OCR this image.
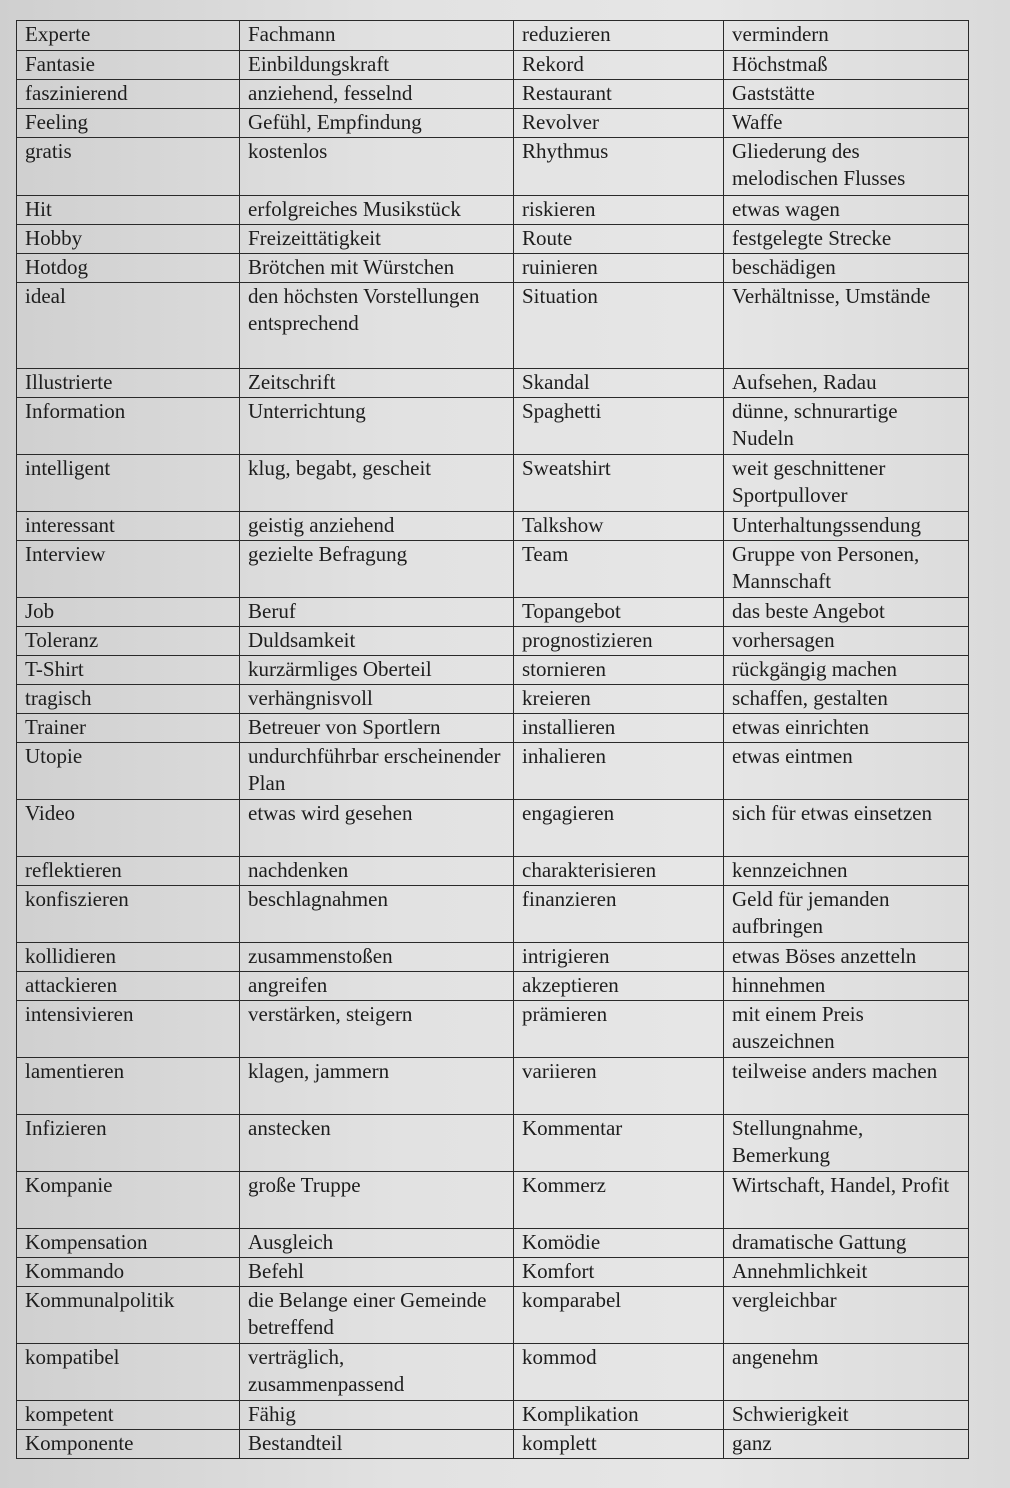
Experte	Fachmann	reduzieren	vermindern
Fantasie	Einbildungskraft	Rekord	Höchstmaß
faszinierend	anziehend, fesselnd	Restaurant	Gaststätte
Feeling	Gefühl, Empfindung	Revolver	Waffe
gratis	kostenlos	Rhythmus	Gliederung des melodischen Flusses
Hit	erfolgreiches Musikstück	riskieren	etwas wagen
Hobby	Freizeittätigkeit	Route	festgelegte Strecke
Hotdog	Brötchen mit Würstchen	ruinieren	beschädigen
ideal	den höchsten Vorstellungen entsprechend	Situation	Verhältnisse, Umstände
Illustrierte	Zeitschrift	Skandal	Aufsehen, Radau
Information	Unterrichtung	Spaghetti	dünne, schnurartige Nudeln
intelligent	klug, begabt, gescheit	Sweatshirt	weit geschnittener Sportpullover
interessant	geistig anziehend	Talkshow	Unterhaltungssendung
Interview	gezielte Befragung	Team	Gruppe von Personen, Mannschaft
Job	Beruf	Topangebot	das beste Angebot
Toleranz	Duldsamkeit	prognostizieren	vorhersagen
T-Shirt	kurzärmliges Oberteil	stornieren	rückgängig machen
tragisch	verhängnisvoll	kreieren	schaffen, gestalten
Trainer	Betreuer von Sportlern	installieren	etwas einrichten
Utopie	undurchführbar erscheinender Plan	inhalieren	etwas eintmen
Video	etwas wird gesehen	engagieren	sich für etwas einsetzen
reflektieren	nachdenken	charakterisieren	kennzeichnen
konfiszieren	beschlagnahmen	finanzieren	Geld für jemanden aufbringen
kollidieren	zusammenstoßen	intrigieren	etwas Böses anzetteln
attackieren	angreifen	akzeptieren	hinnehmen
intensivieren	verstärken, steigern	prämieren	mit einem Preis auszeichnen
lamentieren	klagen, jammern	variieren	teilweise anders machen
Infizieren	anstecken	Kommentar	Stellungnahme, Bemerkung
Kompanie	große Truppe	Kommerz	Wirtschaft, Handel, Profit
Kompensation	Ausgleich	Komödie	dramatische Gattung
Kommando	Befehl	Komfort	Annehmlichkeit
Kommunalpolitik	die Belange einer Gemeinde betreffend	komparabel	vergleichbar
kompatibel	verträglich, zusammenpassend	kommod	angenehm
kompetent	Fähig	Komplikation	Schwierigkeit
Komponente	Bestandteil	komplett	ganz
